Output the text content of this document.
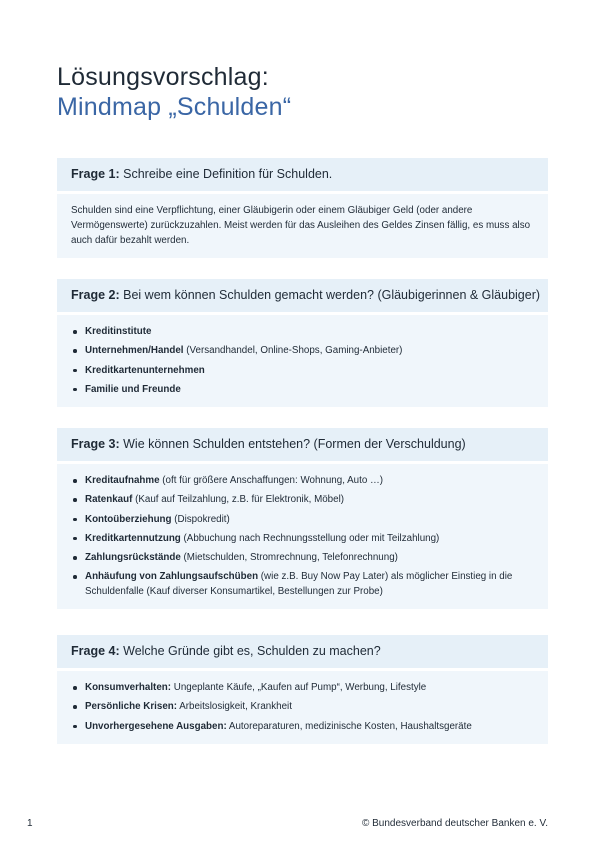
Lösungsvorschlag:
Mindmap „Schulden“
Frage 1: Schreibe eine Definition für Schulden.

Schulden sind eine Verpflichtung, einer Gläubigerin oder einem Gläubiger Geld (oder andere Vermögenswerte) zurückzuzahlen. Meist werden für das Ausleihen des Geldes Zinsen fällig, es muss also auch dafür bezahlt werden.

Frage 2: Bei wem können Schulden gemacht werden? (Gläubigerinnen & Gläubiger)
Kreditinstitute
Unternehmen/Handel (Versandhandel, Online-Shops, Gaming-Anbieter)
Kreditkartenunternehmen
Familie und Freunde
Frage 3: Wie können Schulden entstehen? (Formen der Verschuldung)
Kreditaufnahme (oft für größere Anschaffungen: Wohnung, Auto …)
Ratenkauf (Kauf auf Teilzahlung, z.B. für Elektronik, Möbel)
Kontoüberziehung (Dispokredit)
Kreditkartennutzung (Abbuchung nach Rechnungsstellung oder mit Teilzahlung)
Zahlungsrückstände (Mietschulden, Stromrechnung, Telefonrechnung)
Anhäufung von Zahlungsaufschüben (wie z.B. Buy Now Pay Later) als möglicher Einstieg in die Schuldenfalle (Kauf diverser Konsumartikel, Bestellungen zur Probe)
Frage 4: Welche Gründe gibt es, Schulden zu machen?
Konsumverhalten: Ungeplante Käufe, „Kaufen auf Pump“, Werbung, Lifestyle
Persönliche Krisen: Arbeitslosigkeit, Krankheit
Unvorhergesehene Ausgaben: Autoreparaturen, medizinische Kosten, Haushaltsgeräte
1	© Bundesverband deutscher Banken e. V.
